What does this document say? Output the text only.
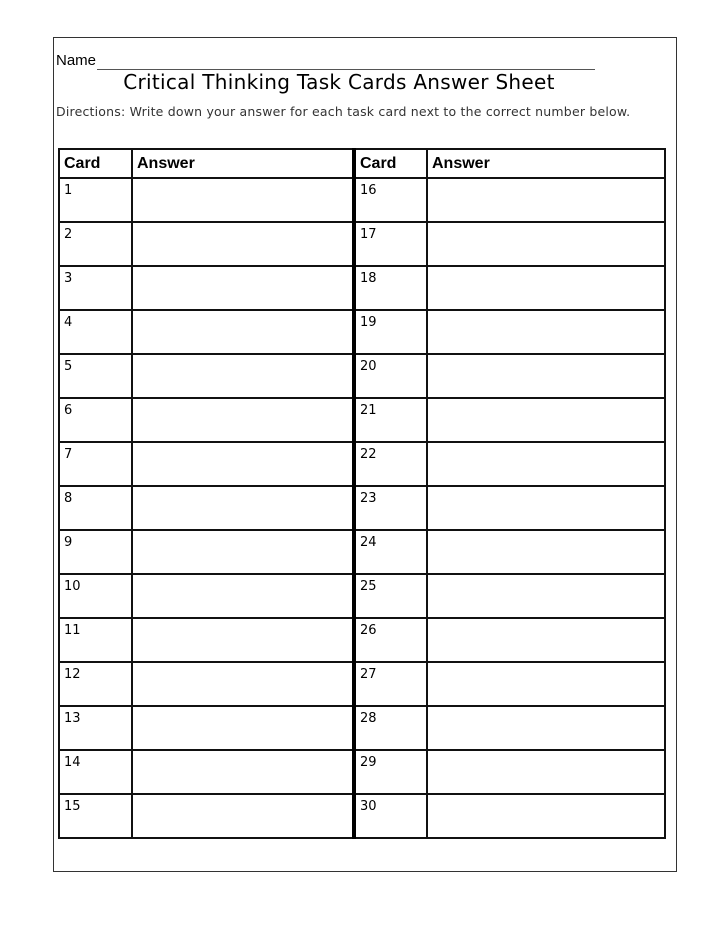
Name
Critical Thinking Task Cards Answer Sheet
Directions: Write down your answer for each task card next to the correct number below.
Card	Answer	Card	Answer
1		16	
2		17	
3		18	
4		19	
5		20	
6		21	
7		22	
8		23	
9		24	
10		25	
11		26	
12		27	
13		28	
14		29	
15		30	
